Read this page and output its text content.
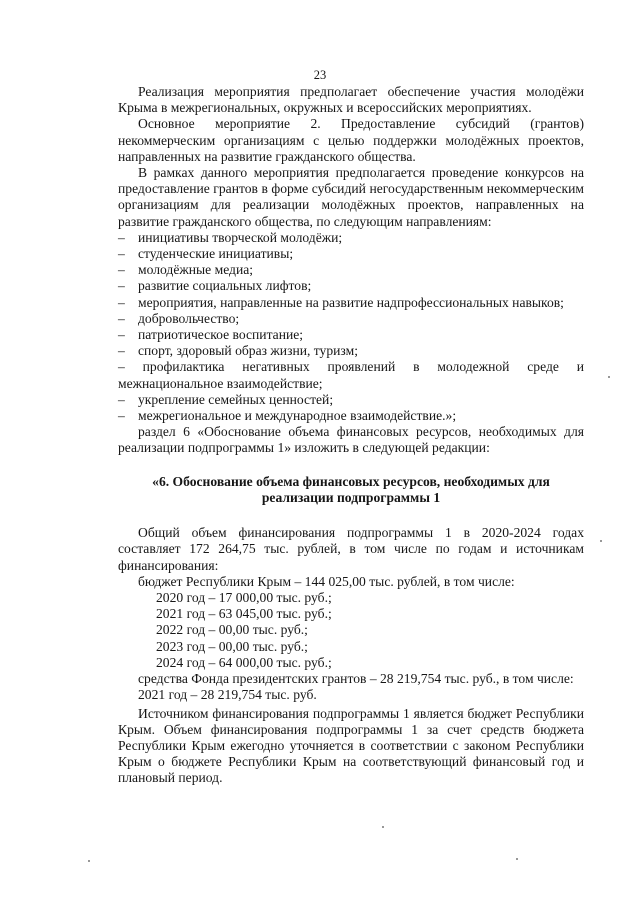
23

Реализация мероприятия предполагает обеспечение участия молодёжи Крыма в межрегиональных, окружных и всероссийских мероприятиях.

Основное мероприятие 2. Предоставление субсидий (грантов) некоммерческим организациям с целью поддержки молодёжных проектов, направленных на развитие гражданского общества.

В рамках данного мероприятия предполагается проведение конкурсов на предоставление грантов в форме субсидий негосударственным некоммерческим организациям для реализации молодёжных проектов, направленных на развитие гражданского общества, по следующим направлениям:

– инициативы творческой молодёжи;

– студенческие инициативы;

– молодёжные медиа;

– развитие социальных лифтов;

– мероприятия, направленные на развитие надпрофессиональных навыков;

– добровольчество;

– патриотическое воспитание;

– спорт, здоровый образ жизни, туризм;

– профилактика негативных проявлений в молодежной среде и межнациональное взаимодействие;

– укрепление семейных ценностей;

– межрегиональное и международное взаимодействие.»;

раздел 6 «Обоснование объема финансовых ресурсов, необходимых для реализации подпрограммы 1» изложить в следующей редакции:

«6. Обоснование объема финансовых ресурсов, необходимых для реализации подпрограммы 1

Общий объем финансирования подпрограммы 1 в 2020-2024 годах составляет 172 264,75 тыс. рублей, в том числе по годам и источникам финансирования:

бюджет Республики Крым – 144 025,00 тыс. рублей, в том числе:

2020 год – 17 000,00 тыс. руб.;

2021 год – 63 045,00 тыс. руб.;

2022 год – 00,00 тыс. руб.;

2023 год – 00,00 тыс. руб.;

2024 год – 64 000,00 тыс. руб.;

средства Фонда президентских грантов – 28 219,754 тыс. руб., в том числе:

2021 год – 28 219,754 тыс. руб.

Источником финансирования подпрограммы 1 является бюджет Республики Крым. Объем финансирования подпрограммы 1 за счет средств бюджета Республики Крым ежегодно уточняется в соответствии с законом Республики Крым о бюджете Республики Крым на соответствующий финансовый год и плановый период.
